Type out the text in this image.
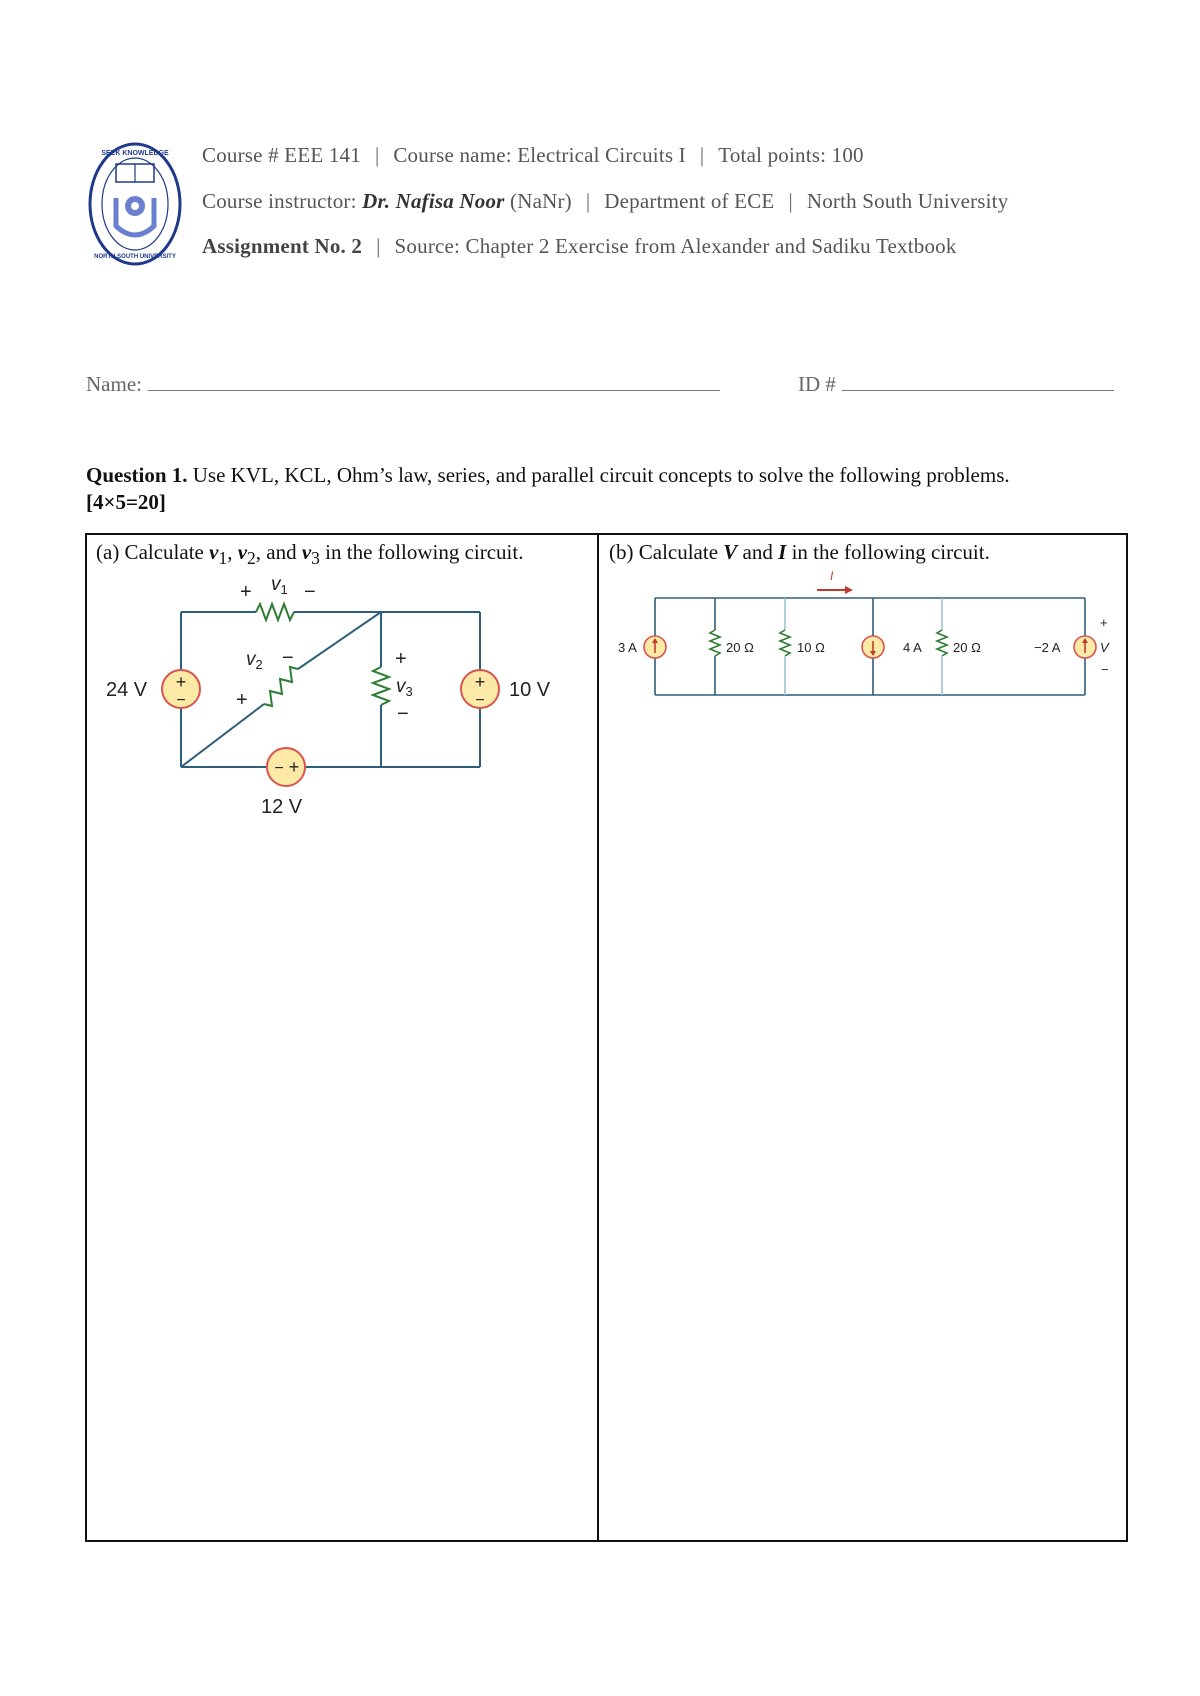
SEEK KNOWLEDGE
NORTH SOUTH UNIVERSITY
Course # EEE 141 | Course name: Electrical Circuits I | Total points: 100
Course instructor: Dr. Nafisa Noor (NaNr) | Department of ECE | North South University
Assignment No. 2 | Source: Chapter 2 Exercise from Alexander and Sadiku Textbook
Name:	ID #
Question 1. Use KVL, KCL, Ohm’s law, series, and parallel circuit concepts to solve the following problems.
[4×5=20]
(a) Calculate $v_1$, $v_2$, and $v_3$ in the following circuit.	(b) Calculate V and I in the following circuit.
+
−
+
−
− +
24 V	10 V
12 V
+ $v_1$ −
$v_2$ −
+
+
$v_3$
−
I
3 A	20 Ω	10 Ω	4 A 20 Ω	−2 A
+
V
−
